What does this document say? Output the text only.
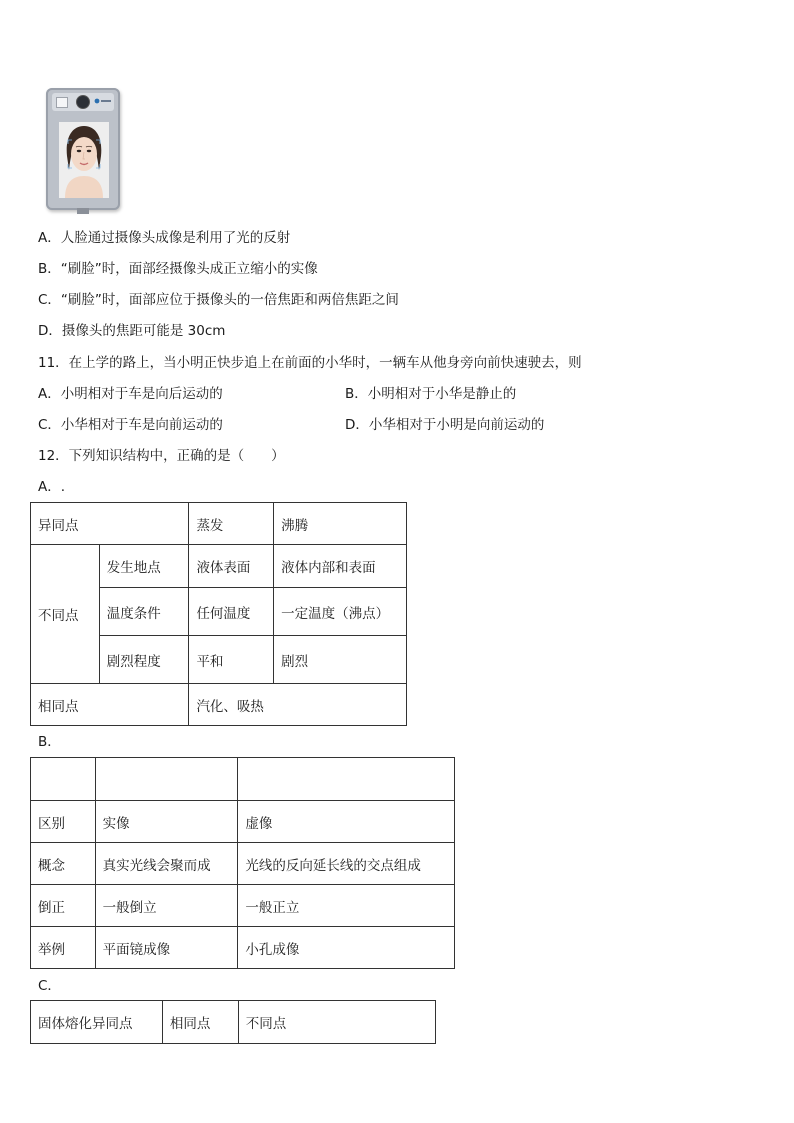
A．人脸通过摄像头成像是利用了光的反射
B．“刷脸”时，面部经摄像头成正立缩小的实像
C．“刷脸”时，面部应位于摄像头的一倍焦距和两倍焦距之间
D．摄像头的焦距可能是 30cm
11．在上学的路上，当小明正快步追上在前面的小华时，一辆车从他身旁向前快速驶去，则
A．小明相对于车是向后运动的	B．小明相对于小华是静止的
C．小华相对于车是向前运动的	D．小华相对于小明是向前运动的
12．下列知识结构中，正确的是（　　）
A．.
异同点		蒸发	沸腾
不同点	发生地点	液体表面	液体内部和表面
	温度条件	任何温度	一定温度（沸点）
	剧烈程度	平和	剧烈
相同点		汽化、吸热	
B．

区别	实像	虚像
概念	真实光线会聚而成	光线的反向延长线的交点组成
倒正	一般倒立	一般正立
举例	平面镜成像	小孔成像
C．
固体熔化异同点	相同点	不同点
